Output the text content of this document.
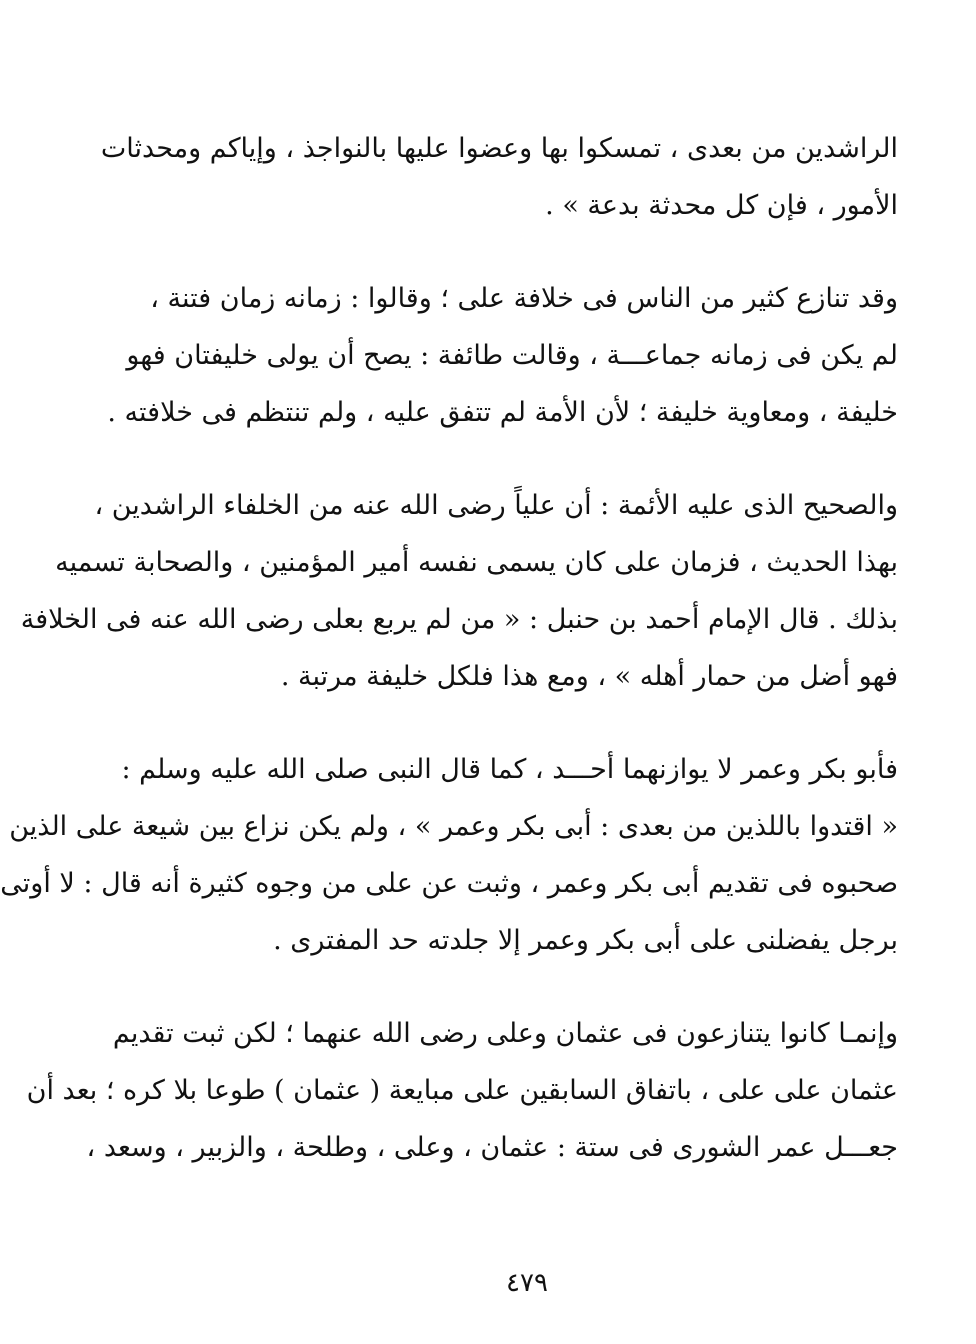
الراشدين من بعدى ، تمسكوا بها وعضوا عليها بالنواجذ ، وإياكم ومحدثات
الأمور ، فإن كل محدثة بدعة » .
وقد تنازع كثير من الناس فى خلافة على ؛ وقالوا : زمانه زمان فتنة ،
لم يكن فى زمانه جماعـــة ، وقالت طائفة : يصح أن يولى خليفتان فهو
خليفة ، ومعاوية خليفة ؛ لأن الأمة لم تتفق عليه ، ولم تنتظم فى خلافته .
والصحيح الذى عليه الأئمة : أن علياً رضى الله عنه من الخلفاء الراشدين ،
بهذا الحديث ، فزمان على كان يسمى نفسه أمير المؤمنين ، والصحابة تسميه
بذلك . قال الإمام أحمد بن حنبل : « من لم يربع بعلى رضى الله عنه فى الخلافة
فهو أضل من حمار أهله » ، ومع هذا فلكل خليفة مرتبة .
فأبو بكر وعمر لا يوازنهما أحـــد ، كما قال النبى صلى الله عليه وسلم :
« اقتدوا باللذين من بعدى : أبى بكر وعمر » ، ولم يكن نزاع بين شيعة على الذين
صحبوه فى تقديم أبى بكر وعمر ، وثبت عن على من وجوه كثيرة أنه قال : لا أوتى
برجل يفضلنى على أبى بكر وعمر إلا جلدته حد المفترى .
وإنمـا كانوا يتنازعون فى عثمان وعلى رضى الله عنهما ؛ لكن ثبت تقديم
عثمان على على ، باتفاق السابقين على مبايعة ( عثمان ) طوعا بلا كره ؛ بعد أن
جعـــل عمر الشورى فى ستة : عثمان ، وعلى ، وطلحة ، والزبير ، وسعد ،
٤٧٩
